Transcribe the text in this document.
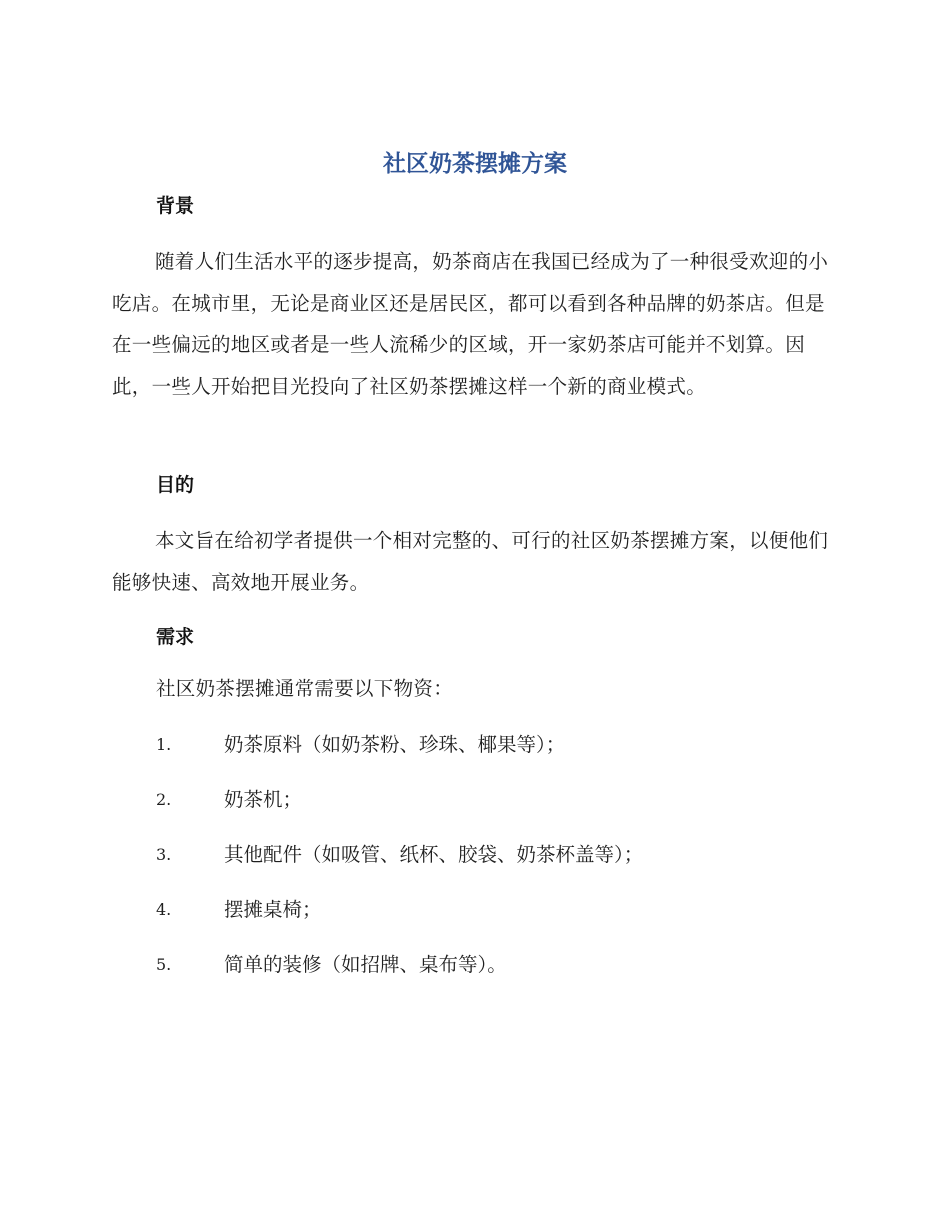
社区奶茶摆摊方案
背景

随着人们生活水平的逐步提高，奶茶商店在我国已经成为了一种很受欢迎的小吃店。在城市里，无论是商业区还是居民区，都可以看到各种品牌的奶茶店。但是在一些偏远的地区或者是一些人流稀少的区域，开一家奶茶店可能并不划算。因此，一些人开始把目光投向了社区奶茶摆摊这样一个新的商业模式。

目的

本文旨在给初学者提供一个相对完整的、可行的社区奶茶摆摊方案，以便他们能够快速、高效地开展业务。

需求

社区奶茶摆摊通常需要以下物资：

1.	奶茶原料（如奶茶粉、珍珠、椰果等）；
2.	奶茶机；
3.	其他配件（如吸管、纸杯、胶袋、奶茶杯盖等）；
4.	摆摊桌椅；
5.	简单的装修（如招牌、桌布等）。
